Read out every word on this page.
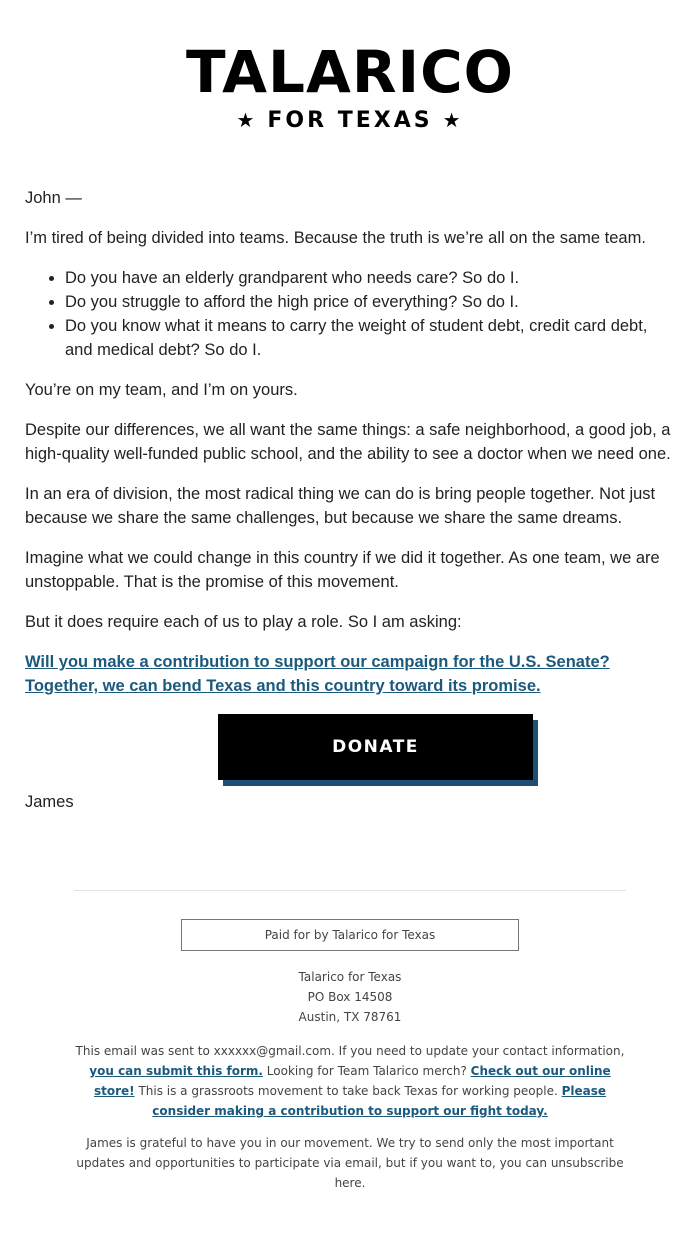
TALARICO
★ FOR TEXAS ★

John —

I’m tired of being divided into teams. Because the truth is we’re all on the same team.

• Do you have an elderly grandparent who needs care? So do I.
• Do you struggle to afford the high price of everything? So do I.
• Do you know what it means to carry the weight of student debt, credit card debt, and medical debt? So do I.

You’re on my team, and I’m on yours.

Despite our differences, we all want the same things: a safe neighborhood, a good job, a high-quality well-funded public school, and the ability to see a doctor when we need one.

In an era of division, the most radical thing we can do is bring people together. Not just because we share the same challenges, but because we share the same dreams.

Imagine what we could change in this country if we did it together. As one team, we are unstoppable. That is the promise of this movement.

But it does require each of us to play a role. So I am asking:

Will you make a contribution to support our campaign for the U.S. Senate? Together, we can bend Texas and this country toward its promise.
DONATE

James

Paid for by Talarico for Texas
Talarico for Texas
PO Box 14508
Austin, TX 78761
This email was sent to xxxxxx@gmail.com. If you need to update your contact information, you can submit this form. Looking for Team Talarico merch? Check out our online store! This is a grassroots movement to take back Texas for working people. Please consider making a contribution to support our fight today.
James is grateful to have you in our movement. We try to send only the most important updates and opportunities to participate via email, but if you want to, you can unsubscribe here.
